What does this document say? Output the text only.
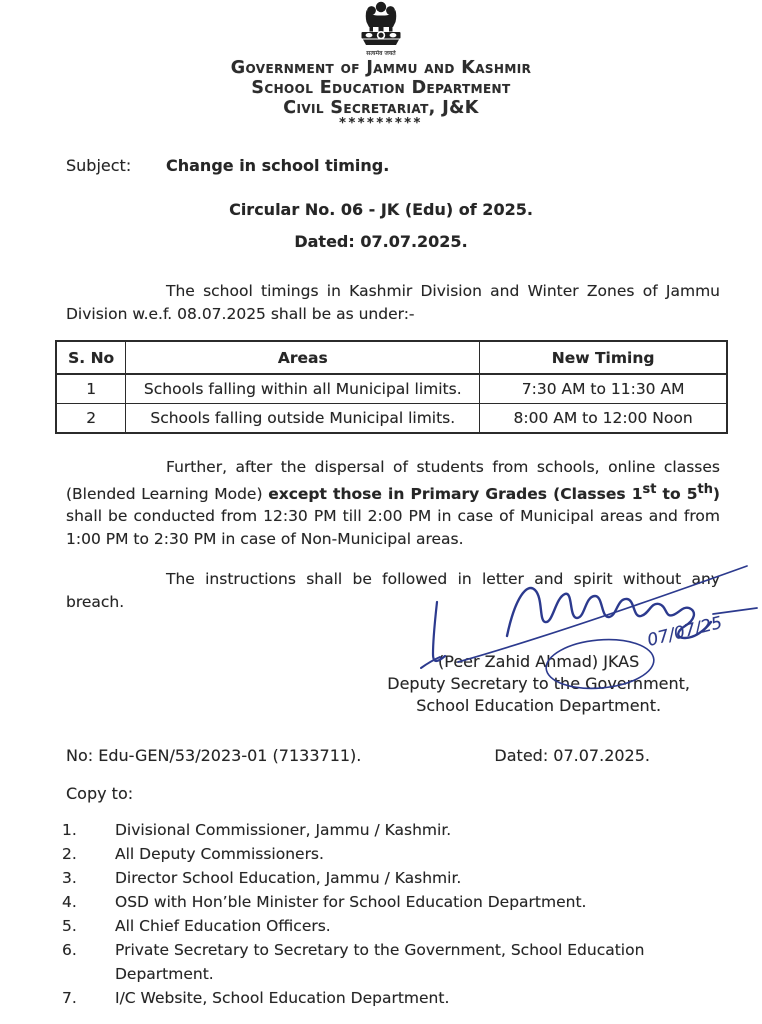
सत्यमेव जयते
Government of Jammu and Kashmir
School Education Department
Civil Secretariat, J&K
*********
Subject:	Change in school timing.
Circular No. 06 - JK (Edu) of 2025.
Dated: 07.07.2025.

The school timings in Kashmir Division and Winter Zones of Jammu Division w.e.f. 08.07.2025 shall be as under:-

S. No	Areas	New Timing
1	Schools falling within all Municipal limits.	7:30 AM to 11:30 AM
2	Schools falling outside Municipal limits.	8:00 AM to 12:00 Noon

Further, after the dispersal of students from schools, online classes (Blended Learning Mode) except those in Primary Grades (Classes 1st to 5th) shall be conducted from 12:30 PM till 2:00 PM in case of Municipal areas and from 1:00 PM to 2:30 PM in case of Non-Municipal areas.

The instructions shall be followed in letter and spirit without any breach.

(Peer Zahid Ahmad) JKAS
Deputy Secretary to the Government,
School Education Department.
07/07/25
No: Edu-GEN/53/2023-01 (7133711).	Dated: 07.07.2025.
Copy to:
1.	Divisional Commissioner, Jammu / Kashmir.
2.	All Deputy Commissioners.
3.	Director School Education, Jammu / Kashmir.
4.	OSD with Hon’ble Minister for School Education Department.
5.	All Chief Education Officers.
6.	Private Secretary to Secretary to the Government, School Education Department.
7.	I/C Website, School Education Department.
